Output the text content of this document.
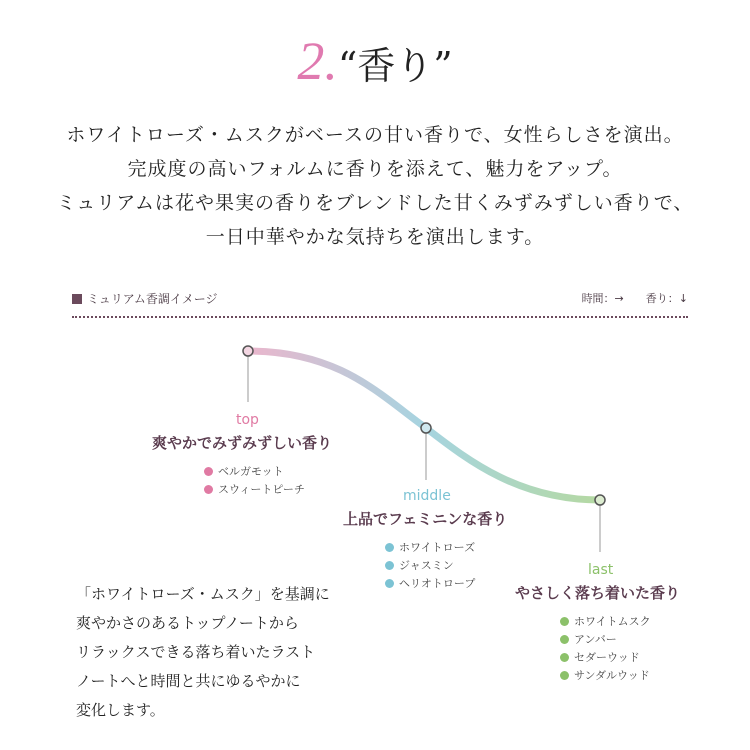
2.“香り”
ホワイトローズ・ムスクがベースの甘い香りで、女性らしさを演出。
完成度の高いフォルムに香りを添えて、魅力をアップ。
ミュリアムは花や果実の香りをブレンドした甘くみずみずしい香りで、
一日中華やかな気持ちを演出します。
ミュリアム香調イメージ	時間：→　　香り：↓
top
爽やかでみずみずしい香り
ベルガモット
スウィートピーチ	middle
上品でフェミニンな香り
ホワイトローズ
ジャスミン
ヘリオトロープ
last
やさしく落ち着いた香り
ホワイトムスク
アンバー
セダーウッド
サンダルウッド
「ホワイトローズ・ムスク」を基調に
爽やかさのあるトップノートから
リラックスできる落ち着いたラスト
ノートへと時間と共にゆるやかに
変化します。
